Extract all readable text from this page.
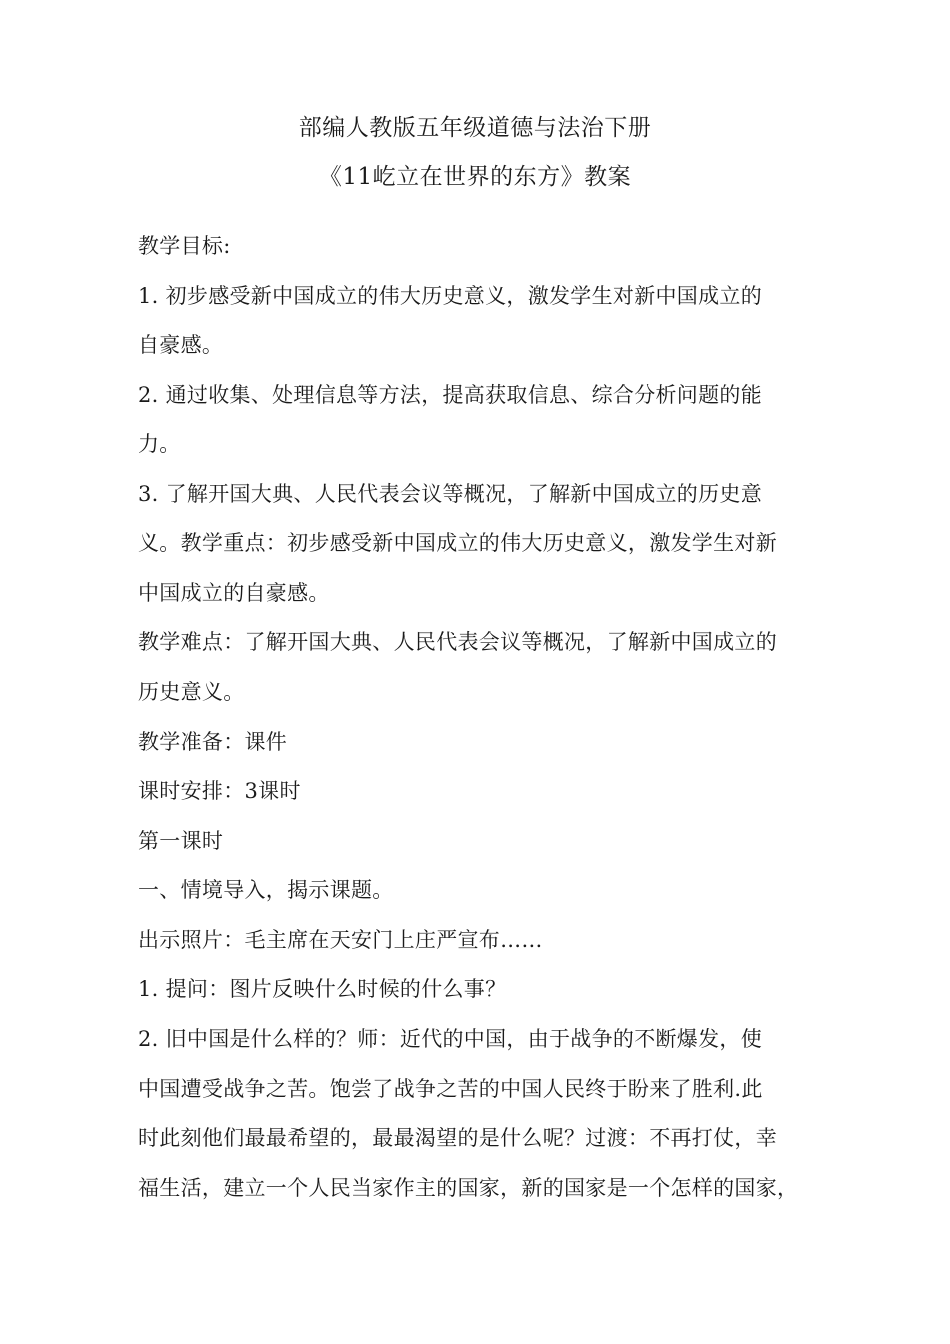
部编人教版五年级道德与法治下册
《11屹立在世界的东方》教案
教学目标:
1. 初步感受新中国成立的伟大历史意义，激发学生对新中国成立的
自豪感。
2. 通过收集、处理信息等方法，提高获取信息、综合分析问题的能
力。
3. 了解开国大典、人民代表会议等概况，了解新中国成立的历史意
义。教学重点：初步感受新中国成立的伟大历史意义，激发学生对新
中国成立的自豪感。
教学难点：了解开国大典、人民代表会议等概况，了解新中国成立的
历史意义。
教学准备：课件
课时安排：3课时
第一课时
一、情境导入，揭示课题。
出示照片：毛主席在天安门上庄严宣布……
1. 提问：图片反映什么时候的什么事？
2. 旧中国是什么样的？师：近代的中国，由于战争的不断爆发，使
中国遭受战争之苦。饱尝了战争之苦的中国人民终于盼来了胜利.此
时此刻他们最最希望的，最最渴望的是什么呢？过渡：不再打仗，幸
福生活，建立一个人民当家作主的国家，新的国家是一个怎样的国家，
